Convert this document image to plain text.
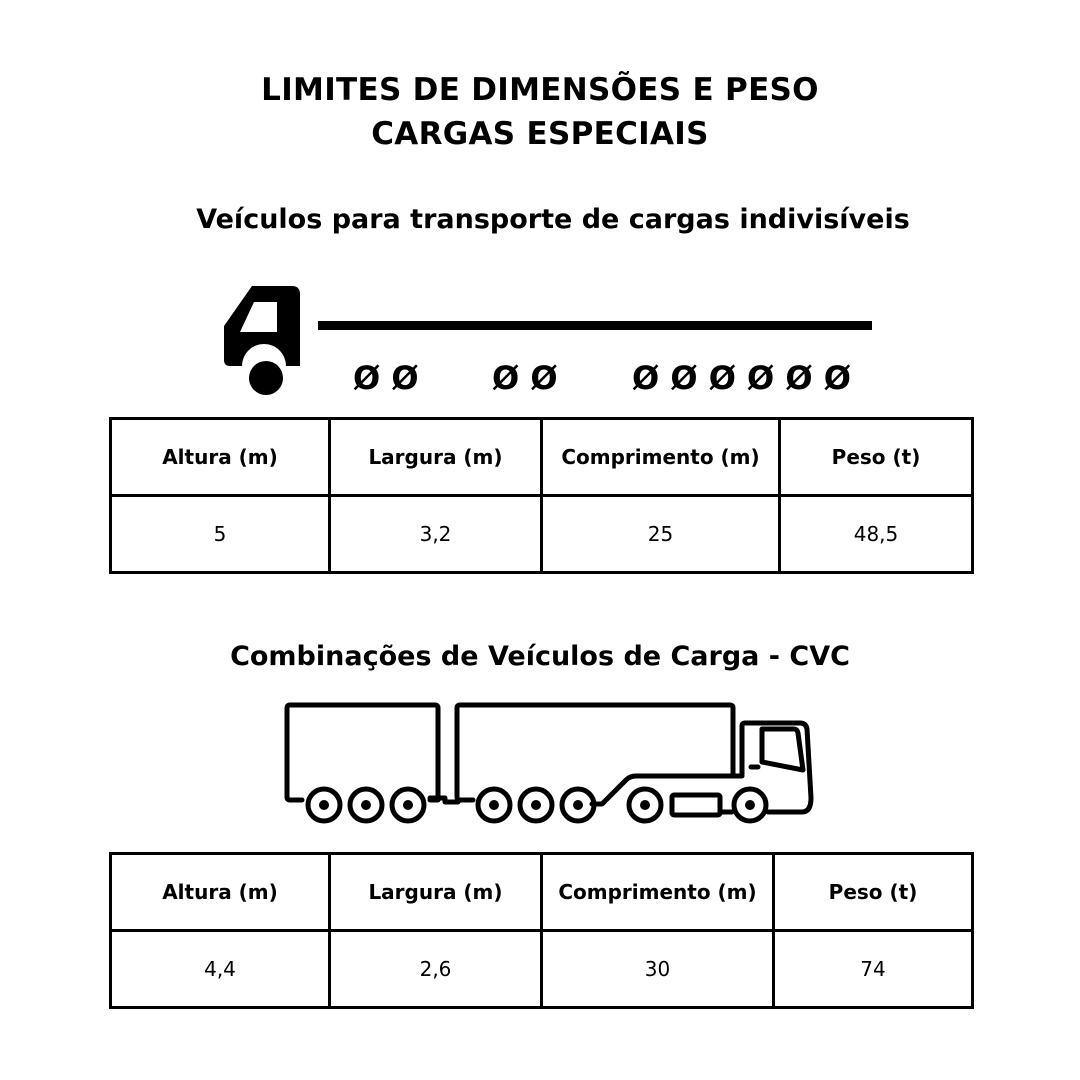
LIMITES DE DIMENSÕES E PESO
CARGAS ESPECIAIS
Veículos para transporte de cargas indivisíveis
Ø Ø Ø Ø Ø Ø Ø Ø Ø Ø
Altura (m)	Largura (m)	Comprimento (m)	Peso (t)
5	3,2	25	48,5
Combinações de Veículos de Carga - CVC
Altura (m)	Largura (m)	Comprimento (m)	Peso (t)
4,4	2,6	30	74
